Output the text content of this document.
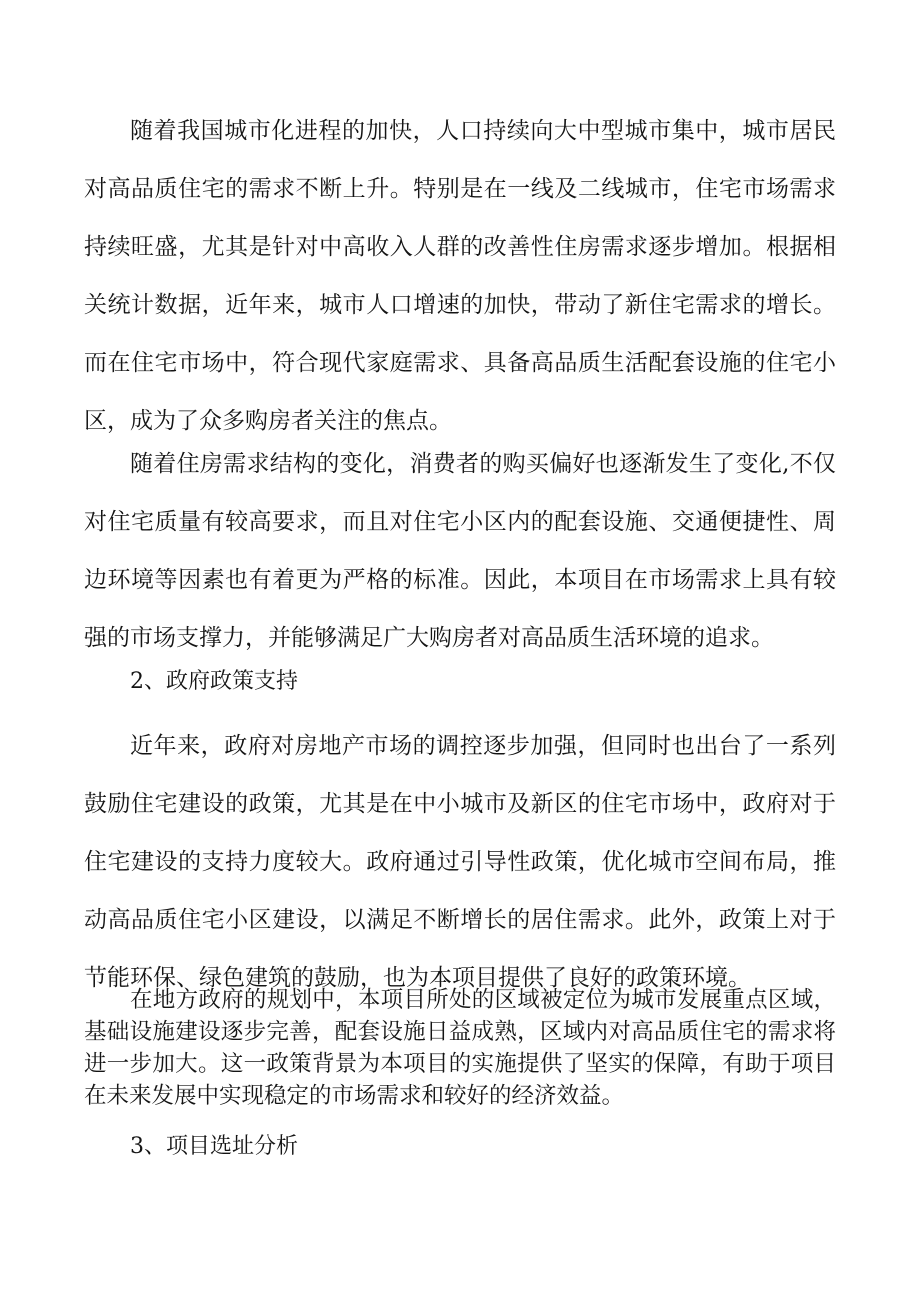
随着我国城市化进程的加快，人口持续向大中型城市集中，城市居民对高品质住宅的需求不断上升。特别是在一线及二线城市，住宅市场需求持续旺盛，尤其是针对中高收入人群的改善性住房需求逐步增加。根据相关统计数据，近年来，城市人口增速的加快，带动了新住宅需求的增长。而在住宅市场中，符合现代家庭需求、具备高品质生活配套设施的住宅小区，成为了众多购房者关注的焦点。

随着住房需求结构的变化，消费者的购买偏好也逐渐发生了变化,不仅对住宅质量有较高要求，而且对住宅小区内的配套设施、交通便捷性、周边环境等因素也有着更为严格的标准。因此，本项目在市场需求上具有较强的市场支撑力，并能够满足广大购房者对高品质生活环境的追求。

2、政府政策支持

近年来，政府对房地产市场的调控逐步加强，但同时也出台了一系列鼓励住宅建设的政策，尤其是在中小城市及新区的住宅市场中，政府对于住宅建设的支持力度较大。政府通过引导性政策，优化城市空间布局，推动高品质住宅小区建设，以满足不断增长的居住需求。此外，政策上对于节能环保、绿色建筑的鼓励，也为本项目提供了良好的政策环境。

在地方政府的规划中，本项目所处的区域被定位为城市发展重点区域，基础设施建设逐步完善，配套设施日益成熟，区域内对高品质住宅的需求将进一步加大。这一政策背景为本项目的实施提供了坚实的保障，有助于项目在未来发展中实现稳定的市场需求和较好的经济效益。

3、项目选址分析
